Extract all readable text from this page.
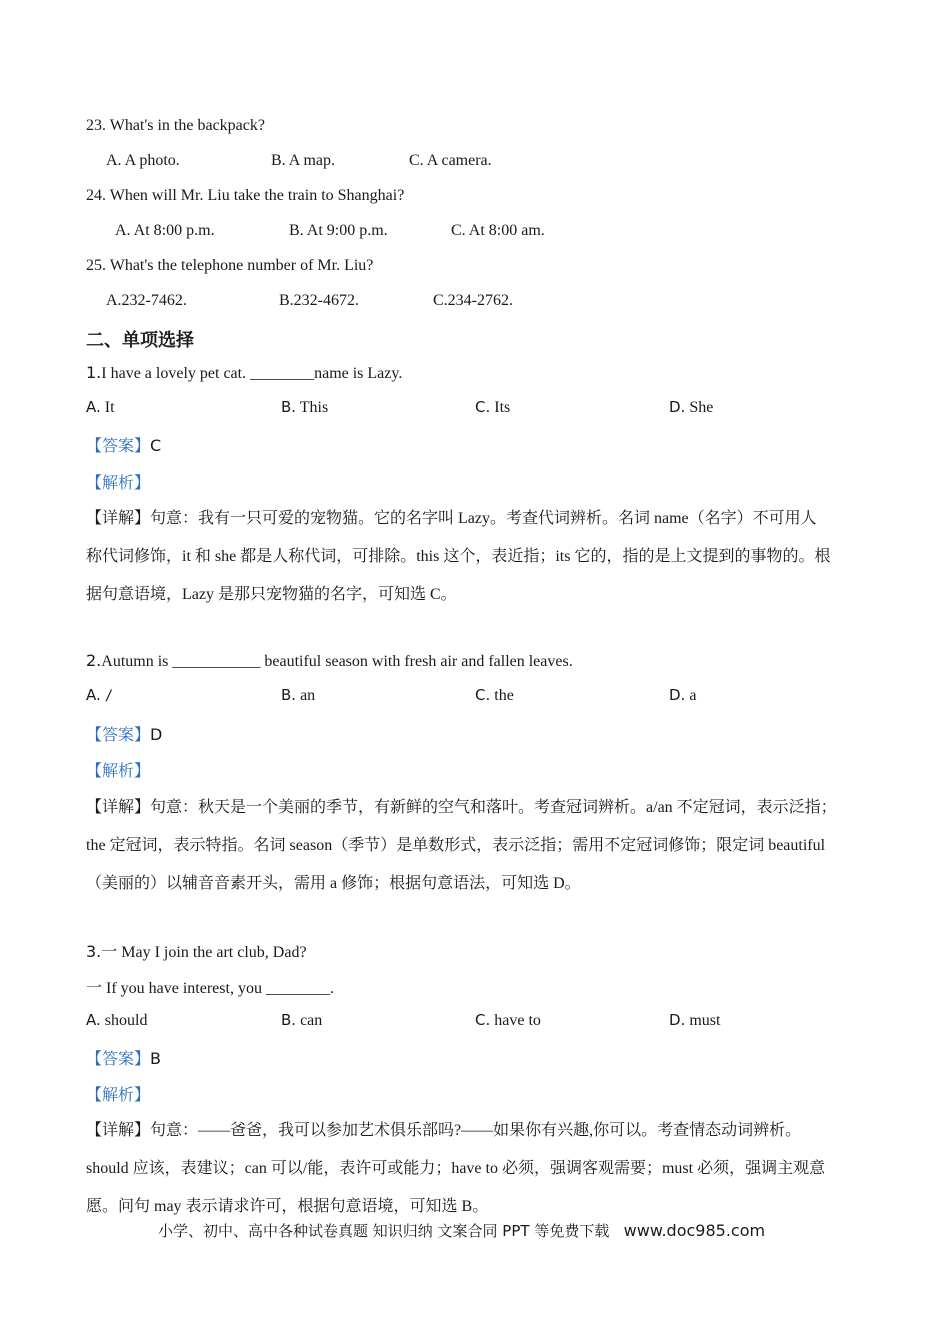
23. What's in the backpack?
A. A photo.	B. A map.	C. A camera.
24. When will Mr. Liu take the train to Shanghai?
A. At 8:00 p.m.	B. At 9:00 p.m.	C. At 8:00 am.
25. What's the telephone number of Mr. Liu?
A.232-7462.	B.232-4672.	C.234-2762.
二、单项选择
1.I have a lovely pet cat. ________name is Lazy.
A. It	B. This	C. Its	D. She
【答案】C
【解析】
【详解】句意：我有一只可爱的宠物猫。它的名字叫 Lazy。考查代词辨析。名词 name（名字）不可用人
称代词修饰，it 和 she 都是人称代词，可排除。this 这个，表近指；its 它的，指的是上文提到的事物的。根
据句意语境，Lazy 是那只宠物猫的名字，可知选 C。
2.Autumn is ___________ beautiful season with fresh air and fallen leaves.
A. /	B. an	C. the	D. a
【答案】D
【解析】
【详解】句意：秋天是一个美丽的季节，有新鲜的空气和落叶。考查冠词辨析。a/an 不定冠词，表示泛指；
the 定冠词，表示特指。名词 season（季节）是单数形式，表示泛指；需用不定冠词修饰；限定词 beautiful
（美丽的）以辅音音素开头，需用 a 修饰；根据句意语法，可知选 D。
3.一 May I join the art club, Dad?
一 If you have interest, you ________.
A. should	B. can	C. have to	D. must
【答案】B
【解析】
【详解】句意：——爸爸，我可以参加艺术俱乐部吗?——如果你有兴趣,你可以。考查情态动词辨析。
should 应该，表建议；can 可以/能，表许可或能力；have to 必须，强调客观需要；must 必须，强调主观意
愿。问句 may 表示请求许可，根据句意语境，可知选 B。
小学、初中、高中各种试卷真题 知识归纳 文案合同 PPT 等免费下载 www.doc985.com
